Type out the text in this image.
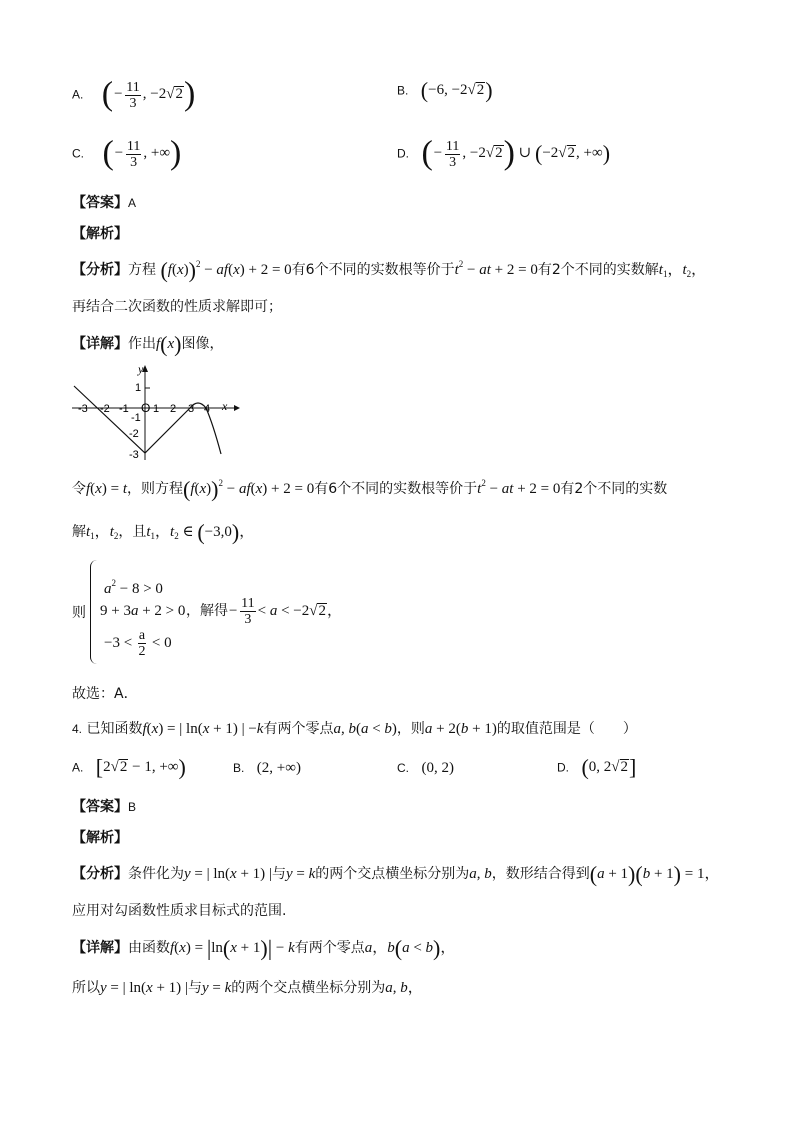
A. (− $\frac{11}{3}$ , −2√2)	B. (−6, −2√2)
C. (− $\frac{11}{3}$ , +∞)	D. (− $\frac{11}{3}$ , −2√2) ∪ (−2√2, +∞)
【答案】A
【解析】
【分析】方程 $(f(x))^2 - af(x) + 2 = 0$有6个不同的实数根等价于$t^2$ − at + 2 = 0有2个不同的实数解$t_1$，$t_2$，
再结合二次函数的性质求解即可；
【详解】作出f(x)图像，
y
x
O
-3 -2 -1 1 2 3 4
1
-1
-2
-3
令f(x) = t，则方程$(f(x))^2 - af(x) + 2 = 0$有6个不同的实数根等价于$t^2$ − at + 2 = 0有2个不同的实数
解$t_1$，$t_2$，且$t_1$，$t_2$ ∈ (−3,0)，
则
$a^2 - 8 > 0$
9 + 3a + 2 > 0
$-3 < \frac{a}{2} < 0$
，解得− $\frac{11}{3} < a < -2√2$，
故选：A．
4. 已知函数f(x) = | ln(x + 1) | −k有两个零点a, b(a < b)，则a + 2(b + 1)的取值范围是（　　）
A. [2√2 − 1, +∞)	B. (2, +∞)	C. (0, 2)	D. (0, 2√2]
【答案】B
【解析】
【分析】条件化为y = | ln(x + 1) |与y = k的两个交点横坐标分别为a, b，数形结合得到(a + 1)(b + 1) = 1，
应用对勾函数性质求目标式的范围.
【详解】由函数f(x) = |ln(x + 1)| − k有两个零点a，b(a < b)，
所以y = | ln(x + 1) |与y = k的两个交点横坐标分别为a, b，
